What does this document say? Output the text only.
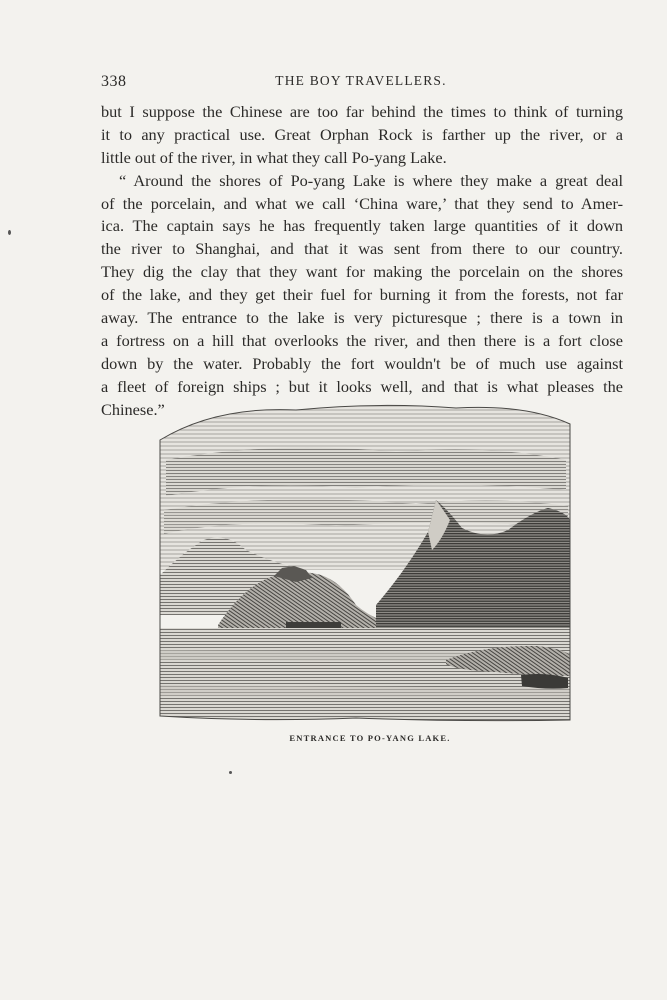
338	THE BOY TRAVELLERS.
but I suppose the Chinese are too far behind the times to think of turning
it to any practical use. Great Orphan Rock is farther up the river, or a
little out of the river, in what they call Po-yang Lake.
“ Around the shores of Po-yang Lake is where they make a great deal
of the porcelain, and what we call ‘China ware,’ that they send to Amer-
ica. The captain says he has frequently taken large quantities of it down
the river to Shanghai, and that it was sent from there to our country.
They dig the clay that they want for making the porcelain on the shores
of the lake, and they get their fuel for burning it from the forests, not far
away. The entrance to the lake is very picturesque ; there is a town in
a fortress on a hill that overlooks the river, and then there is a fort close
down by the water. Probably the fort wouldn't be of much use against
a fleet of foreign ships ; but it looks well, and that is what pleases the
Chinese.”
ENTRANCE TO PO-YANG LAKE.
